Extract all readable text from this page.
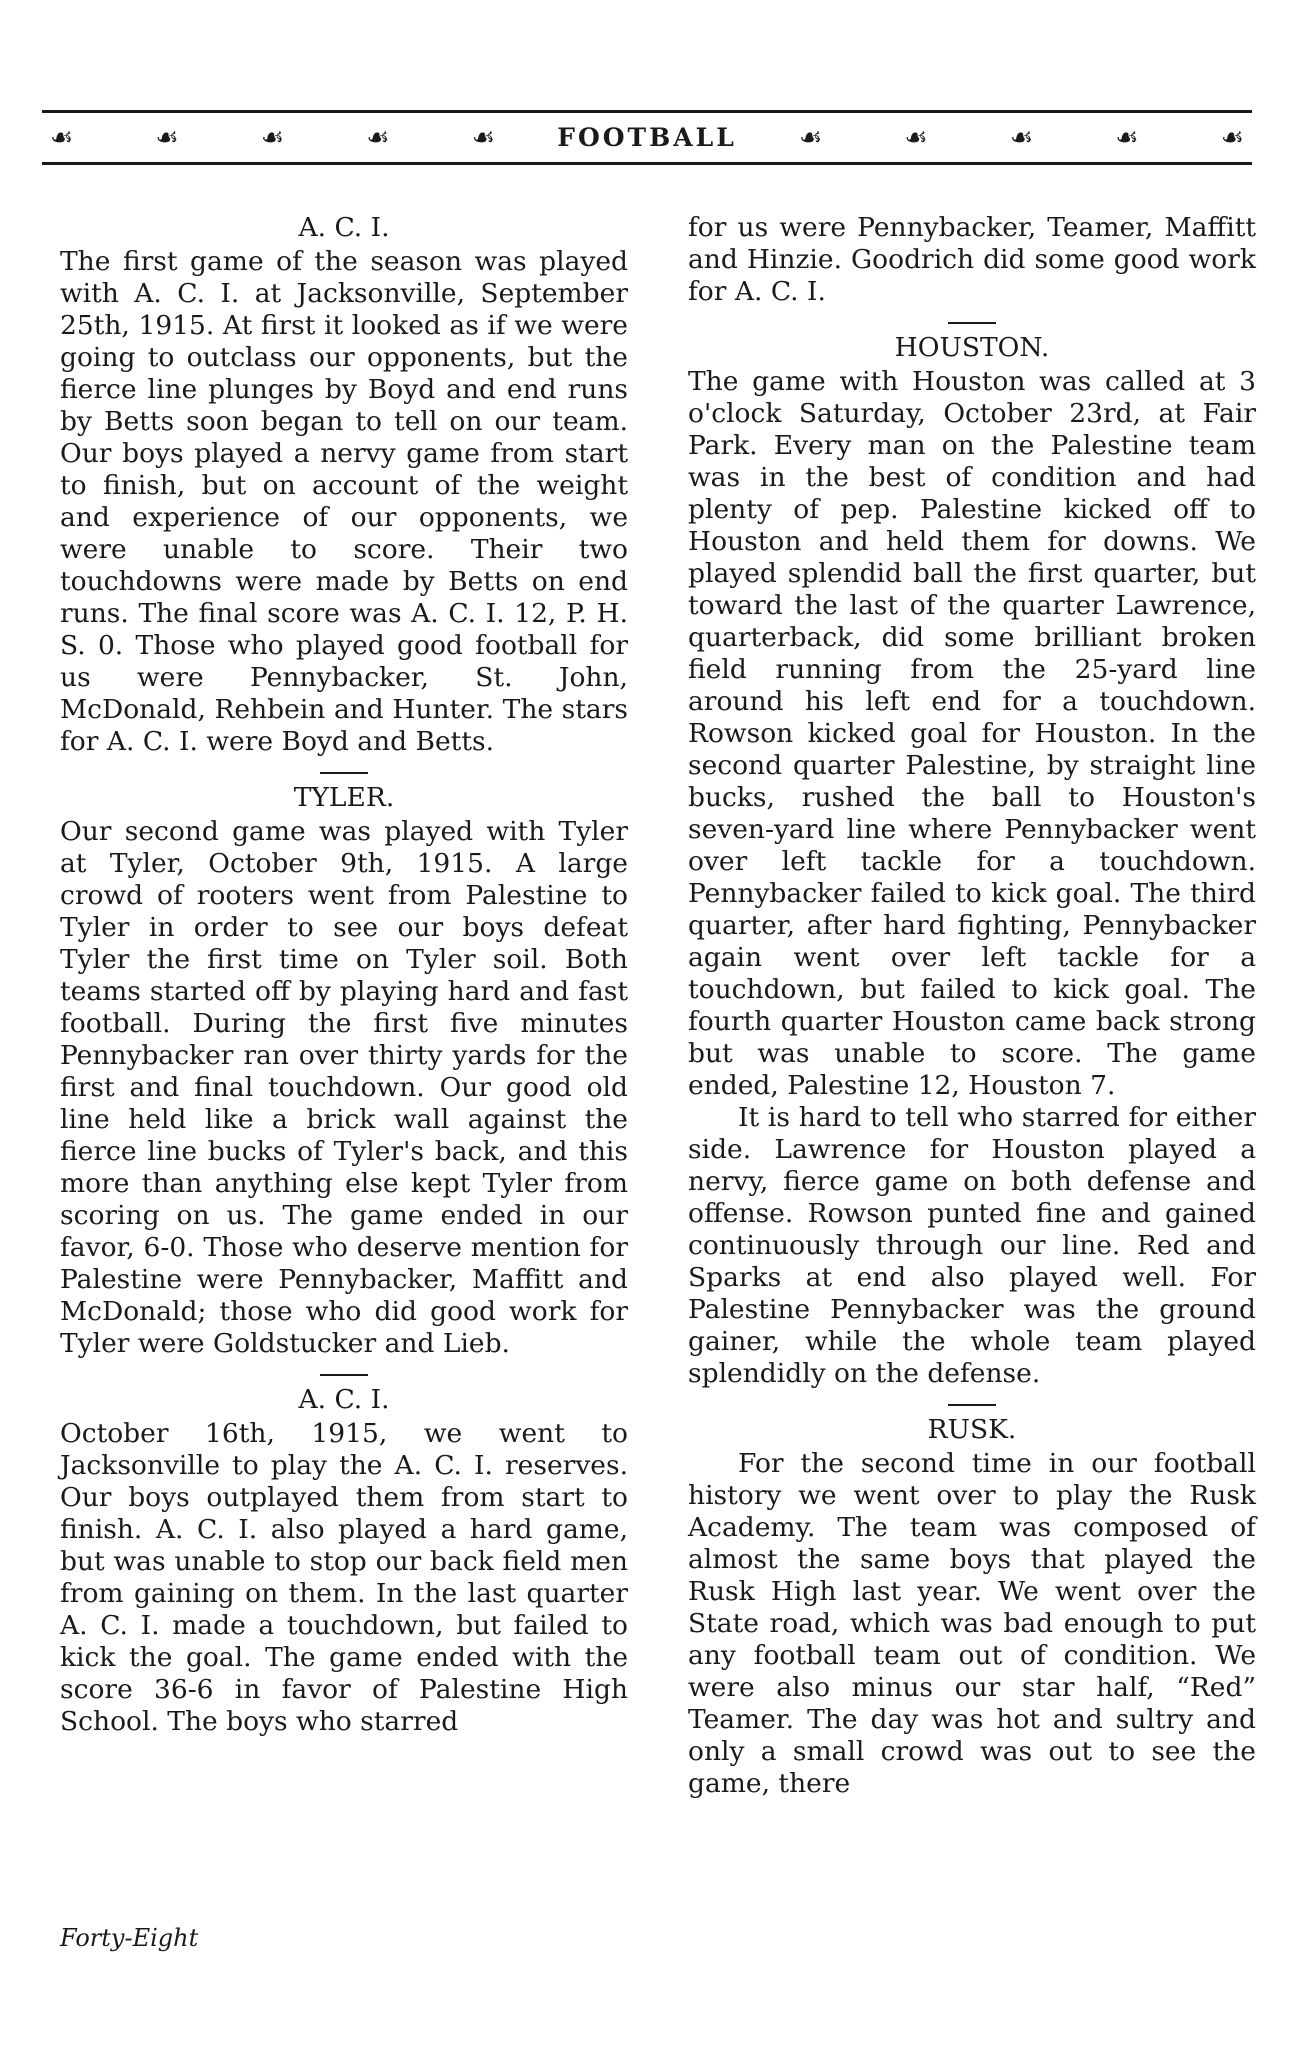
☙	☙	☙	☙	☙ FOOTBALL ☙	☙	☙	☙	☙
A. C. I.

The first game of the season was played with A. C. I. at Jacksonville, September 25th, 1915. At first it looked as if we were going to outclass our opponents, but the fierce line plunges by Boyd and end runs by Betts soon began to tell on our team. Our boys played a nervy game from start to finish, but on account of the weight and experience of our opponents, we were unable to score. Their two touchdowns were made by Betts on end runs. The final score was A. C. I. 12, P. H. S. 0. Those who played good football for us were Pennybacker, St. John, McDonald, Rehbein and Hunter. The stars for A. C. I. were Boyd and Betts.

TYLER.

Our second game was played with Tyler at Tyler, October 9th, 1915. A large crowd of rooters went from Palestine to Tyler in order to see our boys defeat Tyler the first time on Tyler soil. Both teams started off by playing hard and fast football. During the first five minutes Pennybacker ran over thirty yards for the first and final touchdown. Our good old line held like a brick wall against the fierce line bucks of Tyler's back, and this more than anything else kept Tyler from scoring on us. The game ended in our favor, 6-0. Those who deserve mention for Palestine were Pennybacker, Maffitt and McDonald; those who did good work for Tyler were Goldstucker and Lieb.

A. C. I.

October 16th, 1915, we went to Jacksonville to play the A. C. I. reserves. Our boys outplayed them from start to finish. A. C. I. also played a hard game, but was unable to stop our back field men from gaining on them. In the last quarter A. C. I. made a touchdown, but failed to kick the goal. The game ended with the score 36-6 in favor of Palestine High School. The boys who starred

for us were Pennybacker, Teamer, Maffitt and Hinzie. Goodrich did some good work for A. C. I.

HOUSTON.

The game with Houston was called at 3 o'clock Saturday, October 23rd, at Fair Park. Every man on the Palestine team was in the best of condition and had plenty of pep. Palestine kicked off to Houston and held them for downs. We played splendid ball the first quarter, but toward the last of the quarter Lawrence, quarterback, did some brilliant broken field running from the 25-yard line around his left end for a touchdown. Rowson kicked goal for Houston. In the second quarter Palestine, by straight line bucks, rushed the ball to Houston's seven-yard line where Pennybacker went over left tackle for a touchdown. Pennybacker failed to kick goal. The third quarter, after hard fighting, Pennybacker again went over left tackle for a touchdown, but failed to kick goal. The fourth quarter Houston came back strong but was unable to score. The game ended, Palestine 12, Houston 7.

It is hard to tell who starred for either side. Lawrence for Houston played a nervy, fierce game on both defense and offense. Rowson punted fine and gained continuously through our line. Red and Sparks at end also played well. For Palestine Pennybacker was the ground gainer, while the whole team played splendidly on the defense.

RUSK.

For the second time in our football history we went over to play the Rusk Academy. The team was composed of almost the same boys that played the Rusk High last year. We went over the State road, which was bad enough to put any football team out of condition. We were also minus our star half, “Red” Teamer. The day was hot and sultry and only a small crowd was out to see the game, there

Forty-Eight
